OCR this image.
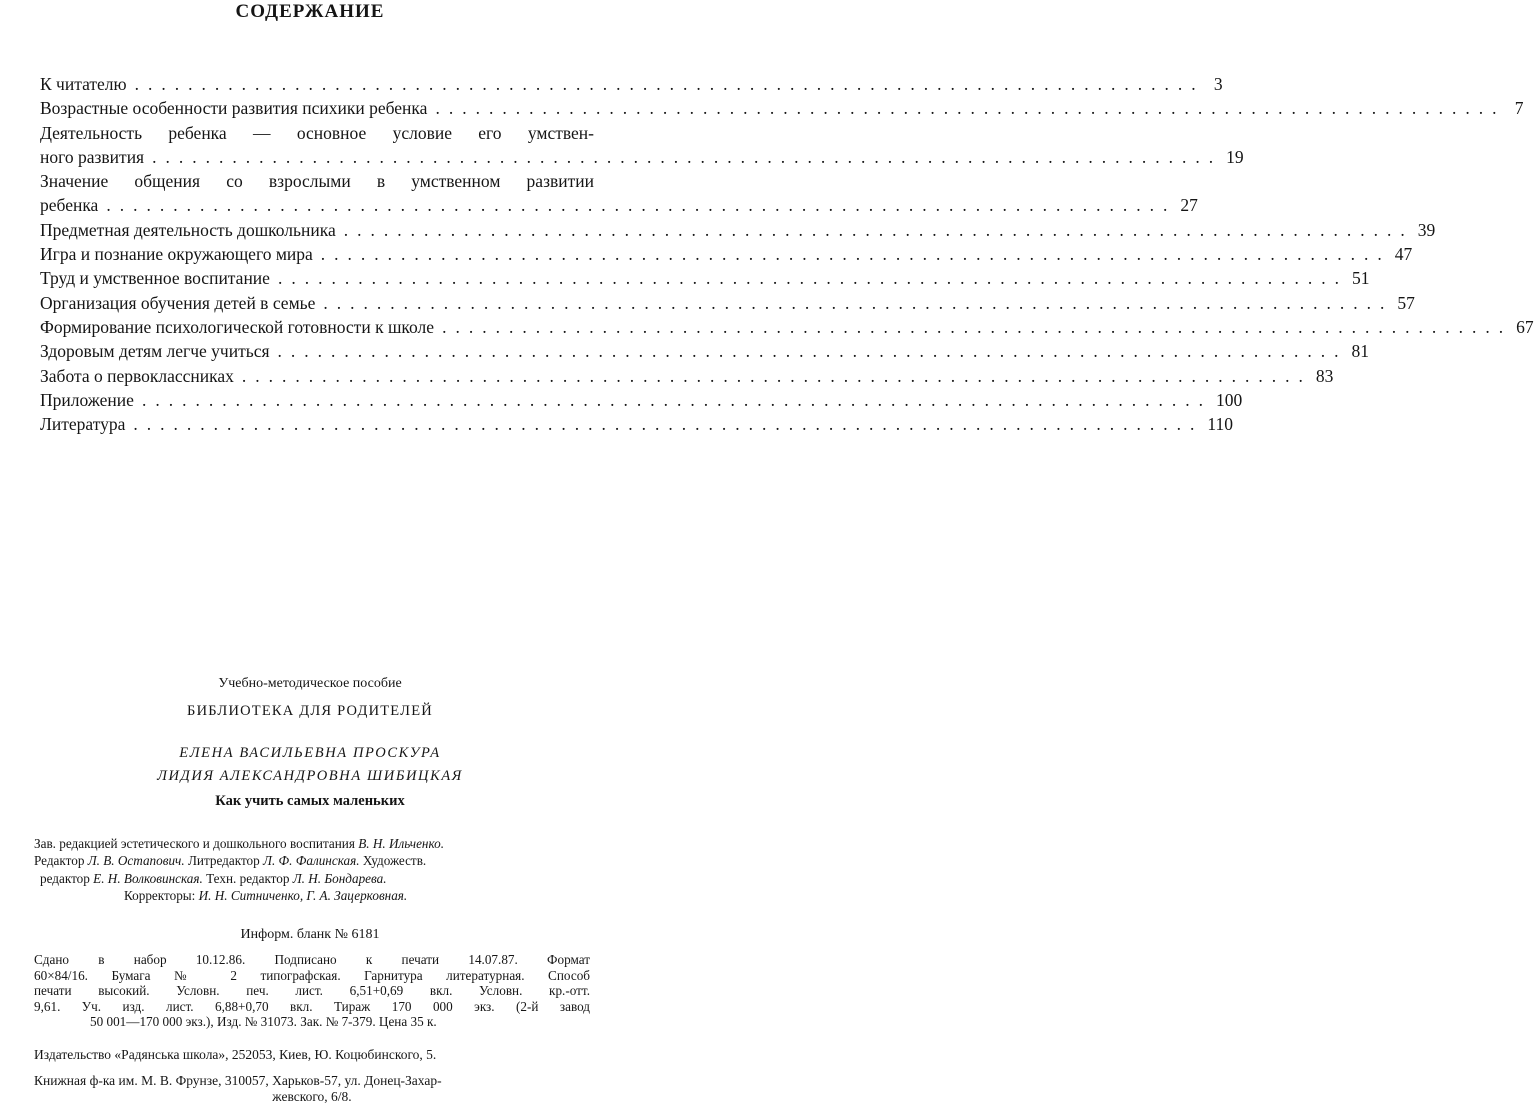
СОДЕРЖАНИЕ
К читателю ................................................................................ 3
Возрастные особенности развития психики ребенка ................................................................................ 7
Деятельность ребенка — основное условие его умствен-
ного развития ................................................................................ 19
Значение общения со взрослыми в умственном развитии
ребенка ................................................................................ 27
Предметная деятельность дошкольника ................................................................................ 39
Игра и познание окружающего мира ................................................................................ 47
Труд и умственное воспитание ................................................................................ 51
Организация обучения детей в семье ................................................................................ 57
Формирование психологической готовности к школе ................................................................................ 67
Здоровым детям легче учиться ................................................................................ 81
Забота о первоклассниках ................................................................................ 83
Приложение ................................................................................ 100
Литература ................................................................................ 110
Учебно-методическое пособие
БИБЛИОТЕКА ДЛЯ РОДИТЕЛЕЙ
ЕЛЕНА ВАСИЛЬЕВНА ПРОСКУРА
ЛИДИЯ АЛЕКСАНДРОВНА ШИБИЦКАЯ
Как учить самых маленьких
Зав. редакцией эстетического и дошкольного воспитания В. Н. Ильченко.
Редактор Л. В. Остапович. Литредактор Л. Ф. Фалинская. Художеств.
редактор Е. Н. Волковинская. Техн. редактор Л. Н. Бондарева.
Корректоры: И. Н. Ситниченко, Г. А. Зацерковная.
Информ. бланк № 6181
Сдано в набор 10.12.86. Подписано к печати 14.07.87. Формат
60×84/16. Бумага № 2 типографская. Гарнитура литературная. Способ
печати высокий. Условн. печ. лист. 6,51+0,69 вкл. Условн. кр.-отт.
9,61. Уч. изд. лист. 6,88+0,70 вкл. Тираж 170 000 экз. (2-й завод
50 001—170 000 экз.), Изд. № 31073. Зак. № 7-379. Цена 35 к.
Издательство «Радянська школа», 252053, Киев, Ю. Коцюбинского, 5.
Книжная ф-ка им. М. В. Фрунзе, 310057, Харьков-57, ул. Донец-Захар-
жевского, 6/8.
